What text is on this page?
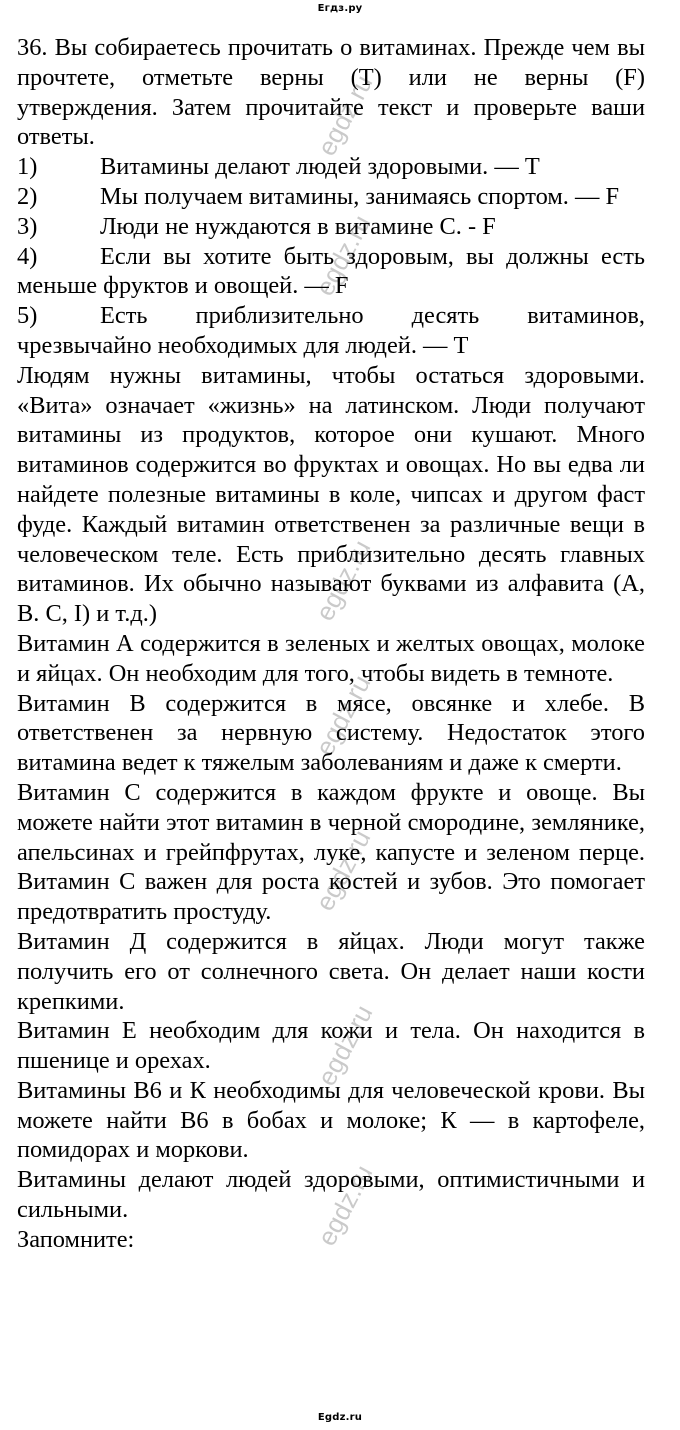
Егдз.ру
egdz.ru
egdz.ru
egdz.ru
egdz.ru
egdz.ru
egdz.ru
egdz.ru

36. Вы собираетесь прочитать о витаминах. Прежде чем вы прочтете, отметьте верны (T) или не верны (F) утверждения. Затем прочитайте текст и проверьте ваши ответы.

1)	Витамины делают людей здоровыми. — T

2)	Мы получаем витамины, занимаясь спортом. — F

3)	Люди не нуждаются в витамине С. - F

4)	Если вы хотите быть здоровым, вы должны есть меньше фруктов и овощей. — F

5)	Есть приблизительно десять витаминов, чрезвычайно необходимых для людей. — T

Людям нужны витамины, чтобы остаться здоровыми. «Вита» означает «жизнь» на латинском. Люди получают витамины из продуктов, которое они кушают. Много витаминов содержится во фруктах и овощах. Но вы едва ли найдете полезные витамины в коле, чипсах и другом фаст фуде. Каждый витамин ответственен за различные вещи в человеческом теле. Есть приблизительно десять главных витаминов. Их обычно называют буквами из алфавита (А, В. С, I) и т.д.)

Витамин А содержится в зеленых и желтых овощах, молоке и яйцах. Он необходим для того, чтобы видеть в темноте.

Витамин В содержится в мясе, овсянке и хлебе. В ответственен за нервную систему. Недостаток этого витамина ведет к тяжелым заболеваниям и даже к смерти.

Витамин С содержится в каждом фрукте и овоще. Вы можете найти этот витамин в черной смородине, землянике, апельсинах и грейпфрутах, луке, капусте и зеленом перце. Витамин С важен для роста костей и зубов. Это помогает предотвратить простуду.

Витамин Д содержится в яйцах. Люди могут также получить его от солнечного света. Он делает наши кости крепкими.

Витамин Е необходим для кожи и тела. Он находится в пшенице и орехах.

Витамины В6 и К необходимы для человеческой крови. Вы можете найти В6 в бобах и молоке; К — в картофеле, помидорах и моркови.

Витамины делают людей здоровыми, оптимистичными и сильными.

Запомните:

Egdz.ru
